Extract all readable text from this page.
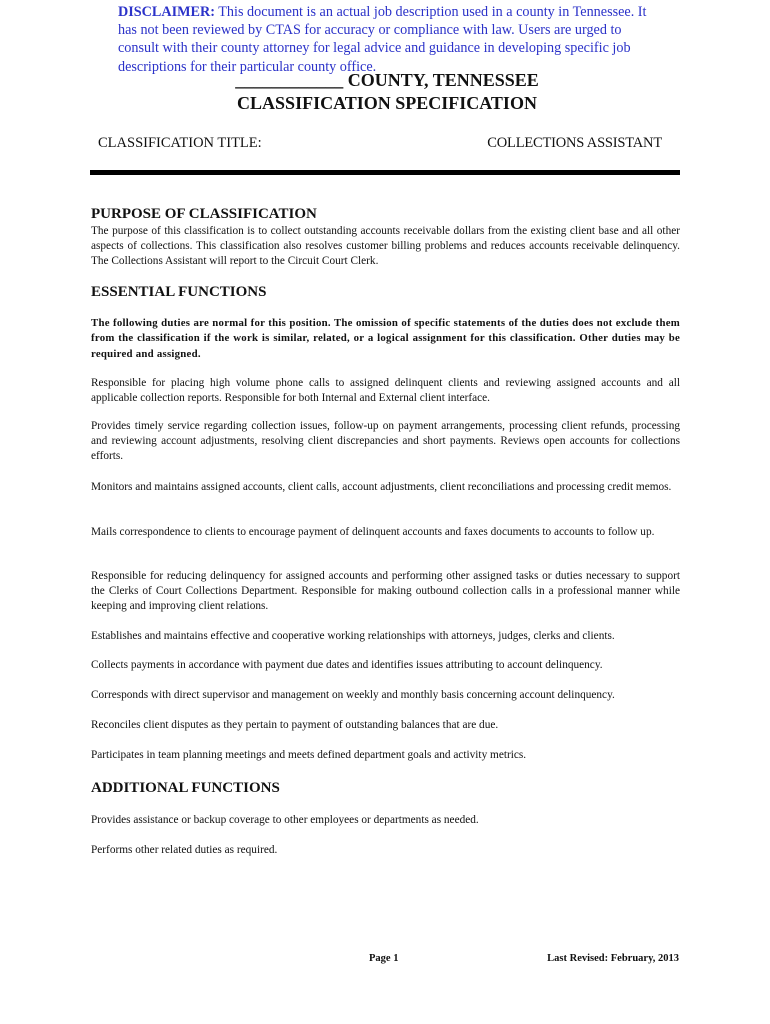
DISCLAIMER: This document is an actual job description used in a county in Tennessee. It has not been reviewed by CTAS for accuracy or compliance with law. Users are urged to consult with their county attorney for legal advice and guidance in developing specific job descriptions for their particular county office.
____________ COUNTY, TENNESSEE
CLASSIFICATION SPECIFICATION
CLASSIFICATION TITLE:	COLLECTIONS ASSISTANT
PURPOSE OF CLASSIFICATION
The purpose of this classification is to collect outstanding accounts receivable dollars from the existing client base and all other aspects of collections. This classification also resolves customer billing problems and reduces accounts receivable delinquency. The Collections Assistant will report to the Circuit Court Clerk.
ESSENTIAL FUNCTIONS
The following duties are normal for this position. The omission of specific statements of the duties does not exclude them from the classification if the work is similar, related, or a logical assignment for this classification. Other duties may be required and assigned.
Responsible for placing high volume phone calls to assigned delinquent clients and reviewing assigned accounts and all applicable collection reports. Responsible for both Internal and External client interface.
Provides timely service regarding collection issues, follow-up on payment arrangements, processing client refunds, processing and reviewing account adjustments, resolving client discrepancies and short payments. Reviews open accounts for collections efforts.
Monitors and maintains assigned accounts, client calls, account adjustments, client reconciliations and processing credit memos.
Mails correspondence to clients to encourage payment of delinquent accounts and faxes documents to accounts to follow up.
Responsible for reducing delinquency for assigned accounts and performing other assigned tasks or duties necessary to support the Clerks of Court Collections Department. Responsible for making outbound collection calls in a professional manner while keeping and improving client relations.
Establishes and maintains effective and cooperative working relationships with attorneys, judges, clerks and clients.
Collects payments in accordance with payment due dates and identifies issues attributing to account delinquency.
Corresponds with direct supervisor and management on weekly and monthly basis concerning account delinquency.
Reconciles client disputes as they pertain to payment of outstanding balances that are due.
Participates in team planning meetings and meets defined department goals and activity metrics.
ADDITIONAL FUNCTIONS
Provides assistance or backup coverage to other employees or departments as needed.
Performs other related duties as required.
Page 1	Last Revised: February, 2013
